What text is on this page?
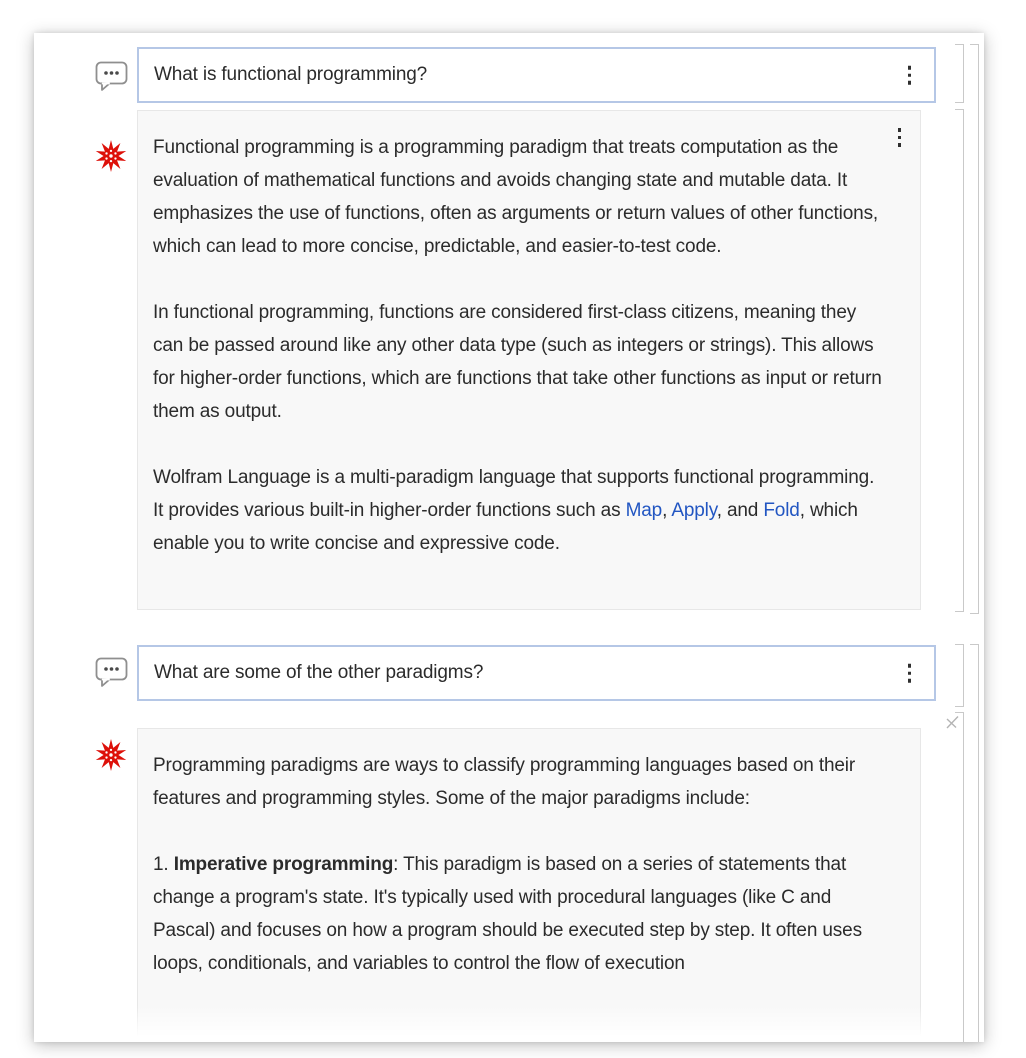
What is functional programming?

Functional programming is a programming paradigm that treats computation as the evaluation of mathematical functions and avoids changing state and mutable data. It emphasizes the use of functions, often as arguments or return values of other functions, which can lead to more concise, predictable, and easier-to-test code.

In functional programming, functions are considered first-class citizens, meaning they can be passed around like any other data type (such as integers or strings). This allows for higher-order functions, which are functions that take other functions as input or return them as output.

Wolfram Language is a multi-paradigm language that supports functional programming. It provides various built-in higher-order functions such as Map, Apply, and Fold, which enable you to write concise and expressive code.

What are some of the other paradigms?

Programming paradigms are ways to classify programming languages based on their features and programming styles. Some of the major paradigms include:

1. Imperative programming: This paradigm is based on a series of statements that change a program's state. It's typically used with procedural languages (like C and Pascal) and focuses on how a program should be executed step by step. It often uses loops, conditionals, and variables to control the flow of execution
